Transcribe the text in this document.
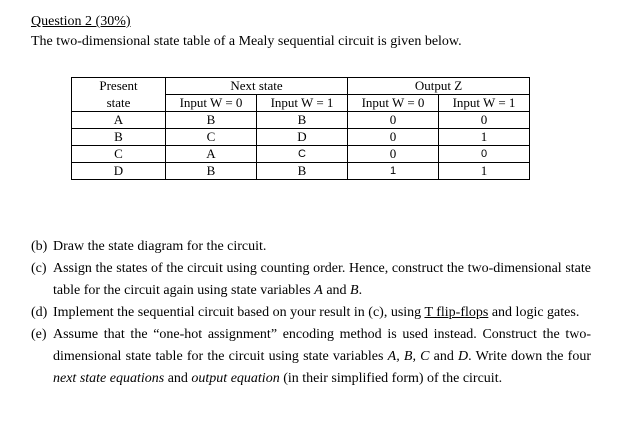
Question 2 (30%)
The two-dimensional state table of a Mealy sequential circuit is given below.
Present	Next state		Output Z	
state	Input W = 0	Input W = 1	Input W = 0	Input W = 1
A	B	B	0	0
B	C	D	0	1
C	A	C	0	0
D	B	B	1	1
(b) Draw the state diagram for the circuit.
(c) Assign the states of the circuit using counting order. Hence, construct the two-dimensional state table for the circuit again using state variables A and B.
(d) Implement the sequential circuit based on your result in (c), using T flip-flops and logic gates.
(e) Assume that the “one-hot assignment” encoding method is used instead. Construct the two-dimensional state table for the circuit using state variables A, B, C and D. Write down the four next state equations and output equation (in their simplified form) of the circuit.
